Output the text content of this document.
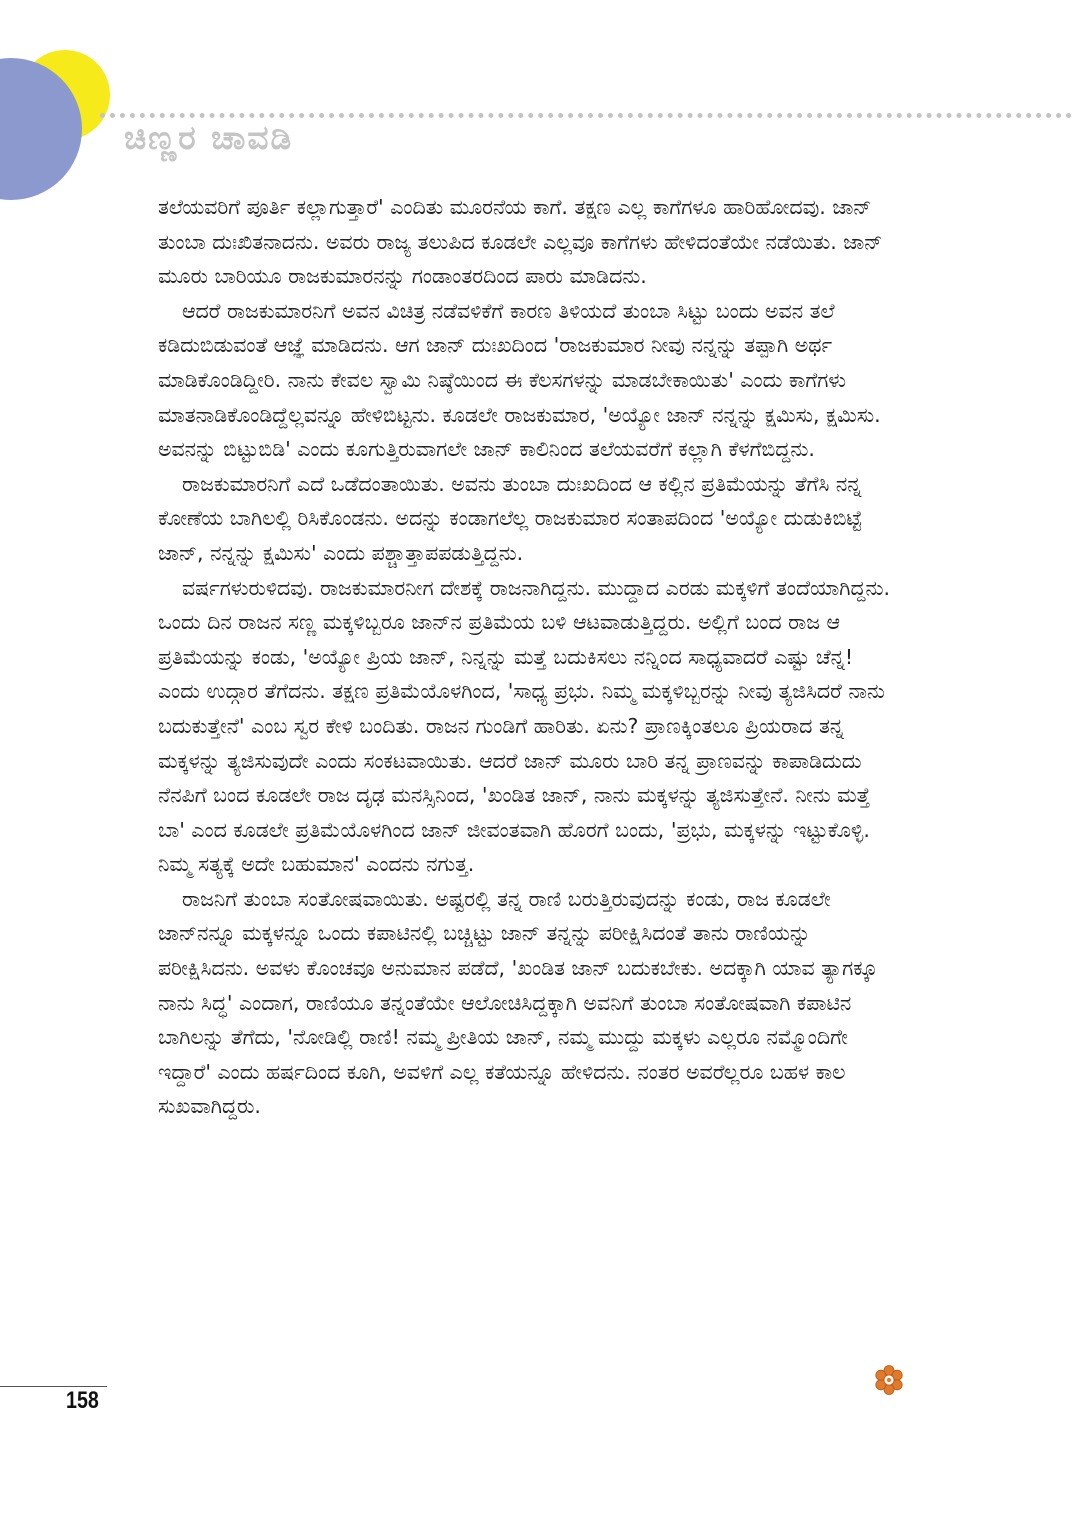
ಚಿಣ್ಣರ ಚಾವಡಿ

ತಲೆಯವರಿಗೆ ಪೂರ್ತಿ ಕಲ್ಲಾಗುತ್ತಾರೆ' ಎಂದಿತು ಮೂರನೆಯ ಕಾಗೆ. ತಕ್ಷಣ ಎಲ್ಲ ಕಾಗೆಗಳೂ ಹಾರಿಹೋದವು. ಜಾನ್ ತುಂಬಾ ದುಃಖಿತನಾದನು. ಅವರು ರಾಜ್ಯ ತಲುಪಿದ ಕೂಡಲೇ ಎಲ್ಲವೂ ಕಾಗೆಗಳು ಹೇಳಿದಂತೆಯೇ ನಡೆಯಿತು. ಜಾನ್ ಮೂರು ಬಾರಿಯೂ ರಾಜಕುಮಾರನನ್ನು ಗಂಡಾಂತರದಿಂದ ಪಾರು ಮಾಡಿದನು.

ಆದರೆ ರಾಜಕುಮಾರನಿಗೆ ಅವನ ವಿಚಿತ್ರ ನಡೆವಳಿಕೆಗೆ ಕಾರಣ ತಿಳಿಯದೆ ತುಂಬಾ ಸಿಟ್ಟು ಬಂದು ಅವನ ತಲೆ ಕಡಿದುಬಿಡುವಂತೆ ಆಜ್ಞೆ ಮಾಡಿದನು. ಆಗ ಜಾನ್ ದುಃಖದಿಂದ 'ರಾಜಕುಮಾರ ನೀವು ನನ್ನನ್ನು ತಪ್ಪಾಗಿ ಅರ್ಥ ಮಾಡಿಕೊಂಡಿದ್ದೀರಿ. ನಾನು ಕೇವಲ ಸ್ವಾಮಿ ನಿಷ್ಠೆಯಿಂದ ಈ ಕೆಲಸಗಳನ್ನು ಮಾಡಬೇಕಾಯಿತು' ಎಂದು ಕಾಗೆಗಳು ಮಾತನಾಡಿಕೊಂಡಿದ್ದೆಲ್ಲವನ್ನೂ ಹೇಳಿಬಿಟ್ಟನು. ಕೂಡಲೇ ರಾಜಕುಮಾರ, 'ಅಯ್ಯೋ ಜಾನ್ ನನ್ನನ್ನು ಕ್ಷಮಿಸು, ಕ್ಷಮಿಸು. ಅವನನ್ನು ಬಿಟ್ಟುಬಿಡಿ' ಎಂದು ಕೂಗುತ್ತಿರುವಾಗಲೇ ಜಾನ್ ಕಾಲಿನಿಂದ ತಲೆಯವರೆಗೆ ಕಲ್ಲಾಗಿ ಕೆಳಗೆಬಿದ್ದನು.

ರಾಜಕುಮಾರನಿಗೆ ಎದೆ ಒಡೆದಂತಾಯಿತು. ಅವನು ತುಂಬಾ ದುಃಖದಿಂದ ಆ ಕಲ್ಲಿನ ಪ್ರತಿಮೆಯನ್ನು ತೆಗೆಸಿ ನನ್ನ ಕೋಣೆಯ ಬಾಗಿಲಲ್ಲಿ ರಿಸಿಕೊಂಡನು. ಅದನ್ನು ಕಂಡಾಗಲೆಲ್ಲ ರಾಜಕುಮಾರ ಸಂತಾಪದಿಂದ 'ಅಯ್ಯೋ ದುಡುಕಿಬಿಟ್ಟೆ ಜಾನ್, ನನ್ನನ್ನು ಕ್ಷಮಿಸು' ಎಂದು ಪಶ್ಚಾತ್ತಾಪಪಡುತ್ತಿದ್ದನು.

ವರ್ಷಗಳುರುಳಿದವು. ರಾಜಕುಮಾರನೀಗ ದೇಶಕ್ಕೆ ರಾಜನಾಗಿದ್ದನು. ಮುದ್ದಾದ ಎರಡು ಮಕ್ಕಳಿಗೆ ತಂದೆಯಾಗಿದ್ದನು. ಒಂದು ದಿನ ರಾಜನ ಸಣ್ಣ ಮಕ್ಕಳಿಬ್ಬರೂ ಜಾನ್‌ನ ಪ್ರತಿಮೆಯ ಬಳಿ ಆಟವಾಡುತ್ತಿದ್ದರು. ಅಲ್ಲಿಗೆ ಬಂದ ರಾಜ ಆ ಪ್ರತಿಮೆಯನ್ನು ಕಂಡು, 'ಅಯ್ಯೋ ಪ್ರಿಯ ಜಾನ್, ನಿನ್ನನ್ನು ಮತ್ತೆ ಬದುಕಿಸಲು ನನ್ನಿಂದ ಸಾಧ್ಯವಾದರೆ ಎಷ್ಟು ಚೆನ್ನ! ಎಂದು ಉದ್ಗಾರ ತೆಗೆದನು. ತಕ್ಷಣ ಪ್ರತಿಮೆಯೊಳಗಿಂದ, 'ಸಾಧ್ಯ ಪ್ರಭು. ನಿಮ್ಮ ಮಕ್ಕಳಿಬ್ಬರನ್ನು ನೀವು ತ್ಯಜಿಸಿದರೆ ನಾನು ಬದುಕುತ್ತೇನೆ' ಎಂಬ ಸ್ವರ ಕೇಳಿ ಬಂದಿತು. ರಾಜನ ಗುಂಡಿಗೆ ಹಾರಿತು. ಏನು? ಪ್ರಾಣಕ್ಕಿಂತಲೂ ಪ್ರಿಯರಾದ ತನ್ನ ಮಕ್ಕಳನ್ನು ತ್ಯಜಿಸುವುದೇ ಎಂದು ಸಂಕಟವಾಯಿತು. ಆದರೆ ಜಾನ್ ಮೂರು ಬಾರಿ ತನ್ನ ಪ್ರಾಣವನ್ನು ಕಾಪಾಡಿದುದು ನೆನಪಿಗೆ ಬಂದ ಕೂಡಲೇ ರಾಜ ದೃಢ ಮನಸ್ಸಿನಿಂದ, 'ಖಂಡಿತ ಜಾನ್, ನಾನು ಮಕ್ಕಳನ್ನು ತ್ಯಜಿಸುತ್ತೇನೆ. ನೀನು ಮತ್ತೆ ಬಾ' ಎಂದ ಕೂಡಲೇ ಪ್ರತಿಮೆಯೊಳಗಿಂದ ಜಾನ್ ಜೀವಂತವಾಗಿ ಹೊರಗೆ ಬಂದು, 'ಪ್ರಭು, ಮಕ್ಕಳನ್ನು ಇಟ್ಟುಕೊಳ್ಳಿ. ನಿಮ್ಮ ಸತ್ಯಕ್ಕೆ ಅದೇ ಬಹುಮಾನ' ಎಂದನು ನಗುತ್ತ.

ರಾಜನಿಗೆ ತುಂಬಾ ಸಂತೋಷವಾಯಿತು. ಅಷ್ಟರಲ್ಲಿ ತನ್ನ ರಾಣಿ ಬರುತ್ತಿರುವುದನ್ನು ಕಂಡು, ರಾಜ ಕೂಡಲೇ ಜಾನ್‌ನನ್ನೂ ಮಕ್ಕಳನ್ನೂ ಒಂದು ಕಪಾಟಿನಲ್ಲಿ ಬಚ್ಚಿಟ್ಟು ಜಾನ್ ತನ್ನನ್ನು ಪರೀಕ್ಷಿಸಿದಂತೆ ತಾನು ರಾಣಿಯನ್ನು ಪರೀಕ್ಷಿಸಿದನು. ಅವಳು ಕೊಂಚವೂ ಅನುಮಾನ ಪಡೆದೆ, 'ಖಂಡಿತ ಜಾನ್ ಬದುಕಬೇಕು. ಅದಕ್ಕಾಗಿ ಯಾವ ತ್ಯಾಗಕ್ಕೂ ನಾನು ಸಿದ್ಧ' ಎಂದಾಗ, ರಾಣಿಯೂ ತನ್ನಂತೆಯೇ ಆಲೋಚಿಸಿದ್ದಕ್ಕಾಗಿ ಅವನಿಗೆ ತುಂಬಾ ಸಂತೋಷವಾಗಿ ಕಪಾಟಿನ ಬಾಗಿಲನ್ನು ತೆಗೆದು, 'ನೋಡಿಲ್ಲಿ ರಾಣಿ! ನಮ್ಮ ಪ್ರೀತಿಯ ಜಾನ್, ನಮ್ಮ ಮುದ್ದು ಮಕ್ಕಳು ಎಲ್ಲರೂ ನಮ್ಮೊಂದಿಗೇ ಇದ್ದಾರೆ' ಎಂದು ಹರ್ಷದಿಂದ ಕೂಗಿ, ಅವಳಿಗೆ ಎಲ್ಲ ಕತೆಯನ್ನೂ ಹೇಳಿದನು. ನಂತರ ಅವರೆಲ್ಲರೂ ಬಹಳ ಕಾಲ ಸುಖವಾಗಿದ್ದರು.

158
